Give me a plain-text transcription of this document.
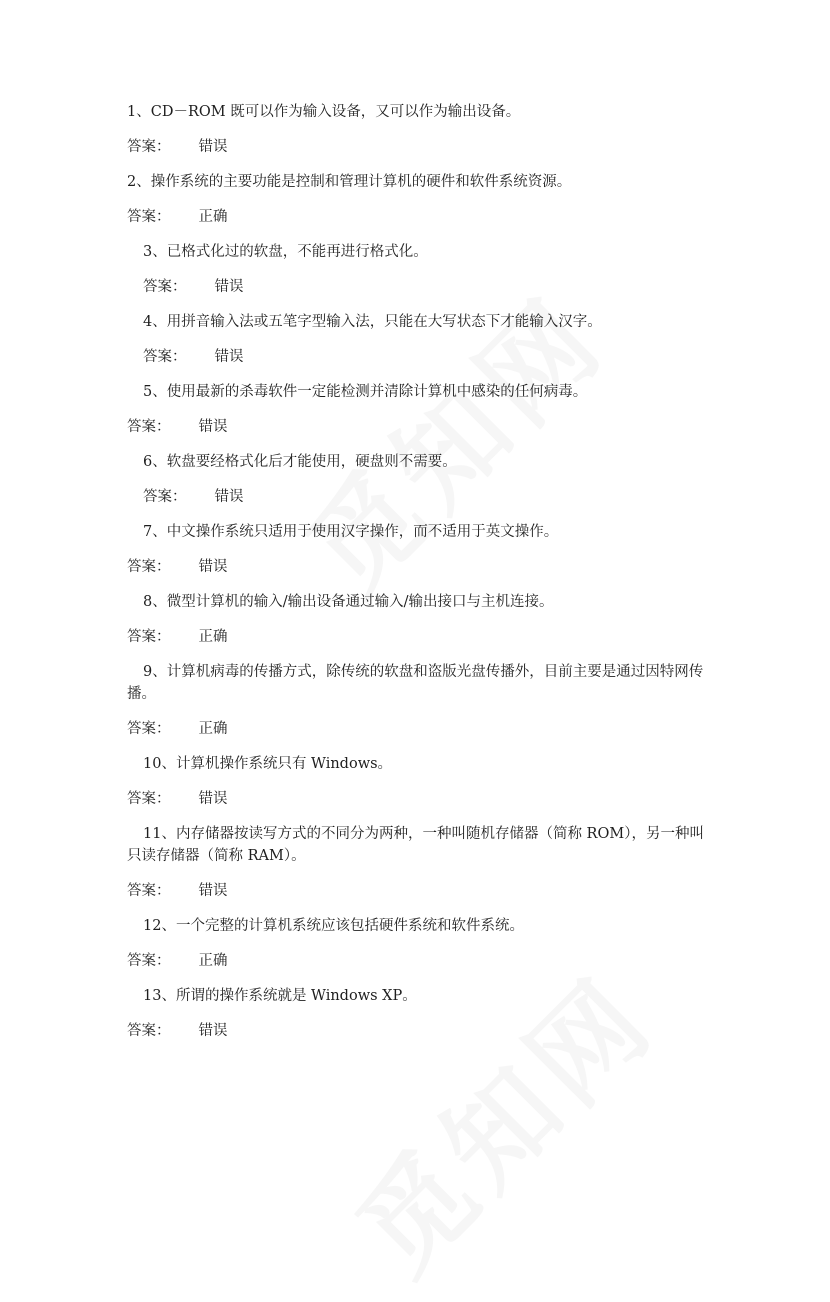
1、CD－ROM 既可以作为输入设备，又可以作为输出设备。
答案： 错误
2、操作系统的主要功能是控制和管理计算机的硬件和软件系统资源。
答案： 正确
3、已格式化过的软盘，不能再进行格式化。
答案： 错误
4、用拼音输入法或五笔字型输入法，只能在大写状态下才能输入汉字。
答案： 错误
5、使用最新的杀毒软件一定能检测并清除计算机中感染的任何病毒。
答案： 错误
6、软盘要经格式化后才能使用，硬盘则不需要。
答案： 错误
7、中文操作系统只适用于使用汉字操作，而不适用于英文操作。
答案： 错误
8、微型计算机的输入/输出设备通过输入/输出接口与主机连接。
答案： 正确
9、计算机病毒的传播方式，除传统的软盘和盗版光盘传播外，目前主要是通过因特网传播。
答案： 正确
10、计算机操作系统只有 Windows。
答案： 错误
11、内存储器按读写方式的不同分为两种，一种叫随机存储器（简称 ROM），另一种叫只读存储器（简称 RAM）。
答案： 错误
12、一个完整的计算机系统应该包括硬件系统和软件系统。
答案： 正确
13、所谓的操作系统就是 Windows XP。
答案： 错误
